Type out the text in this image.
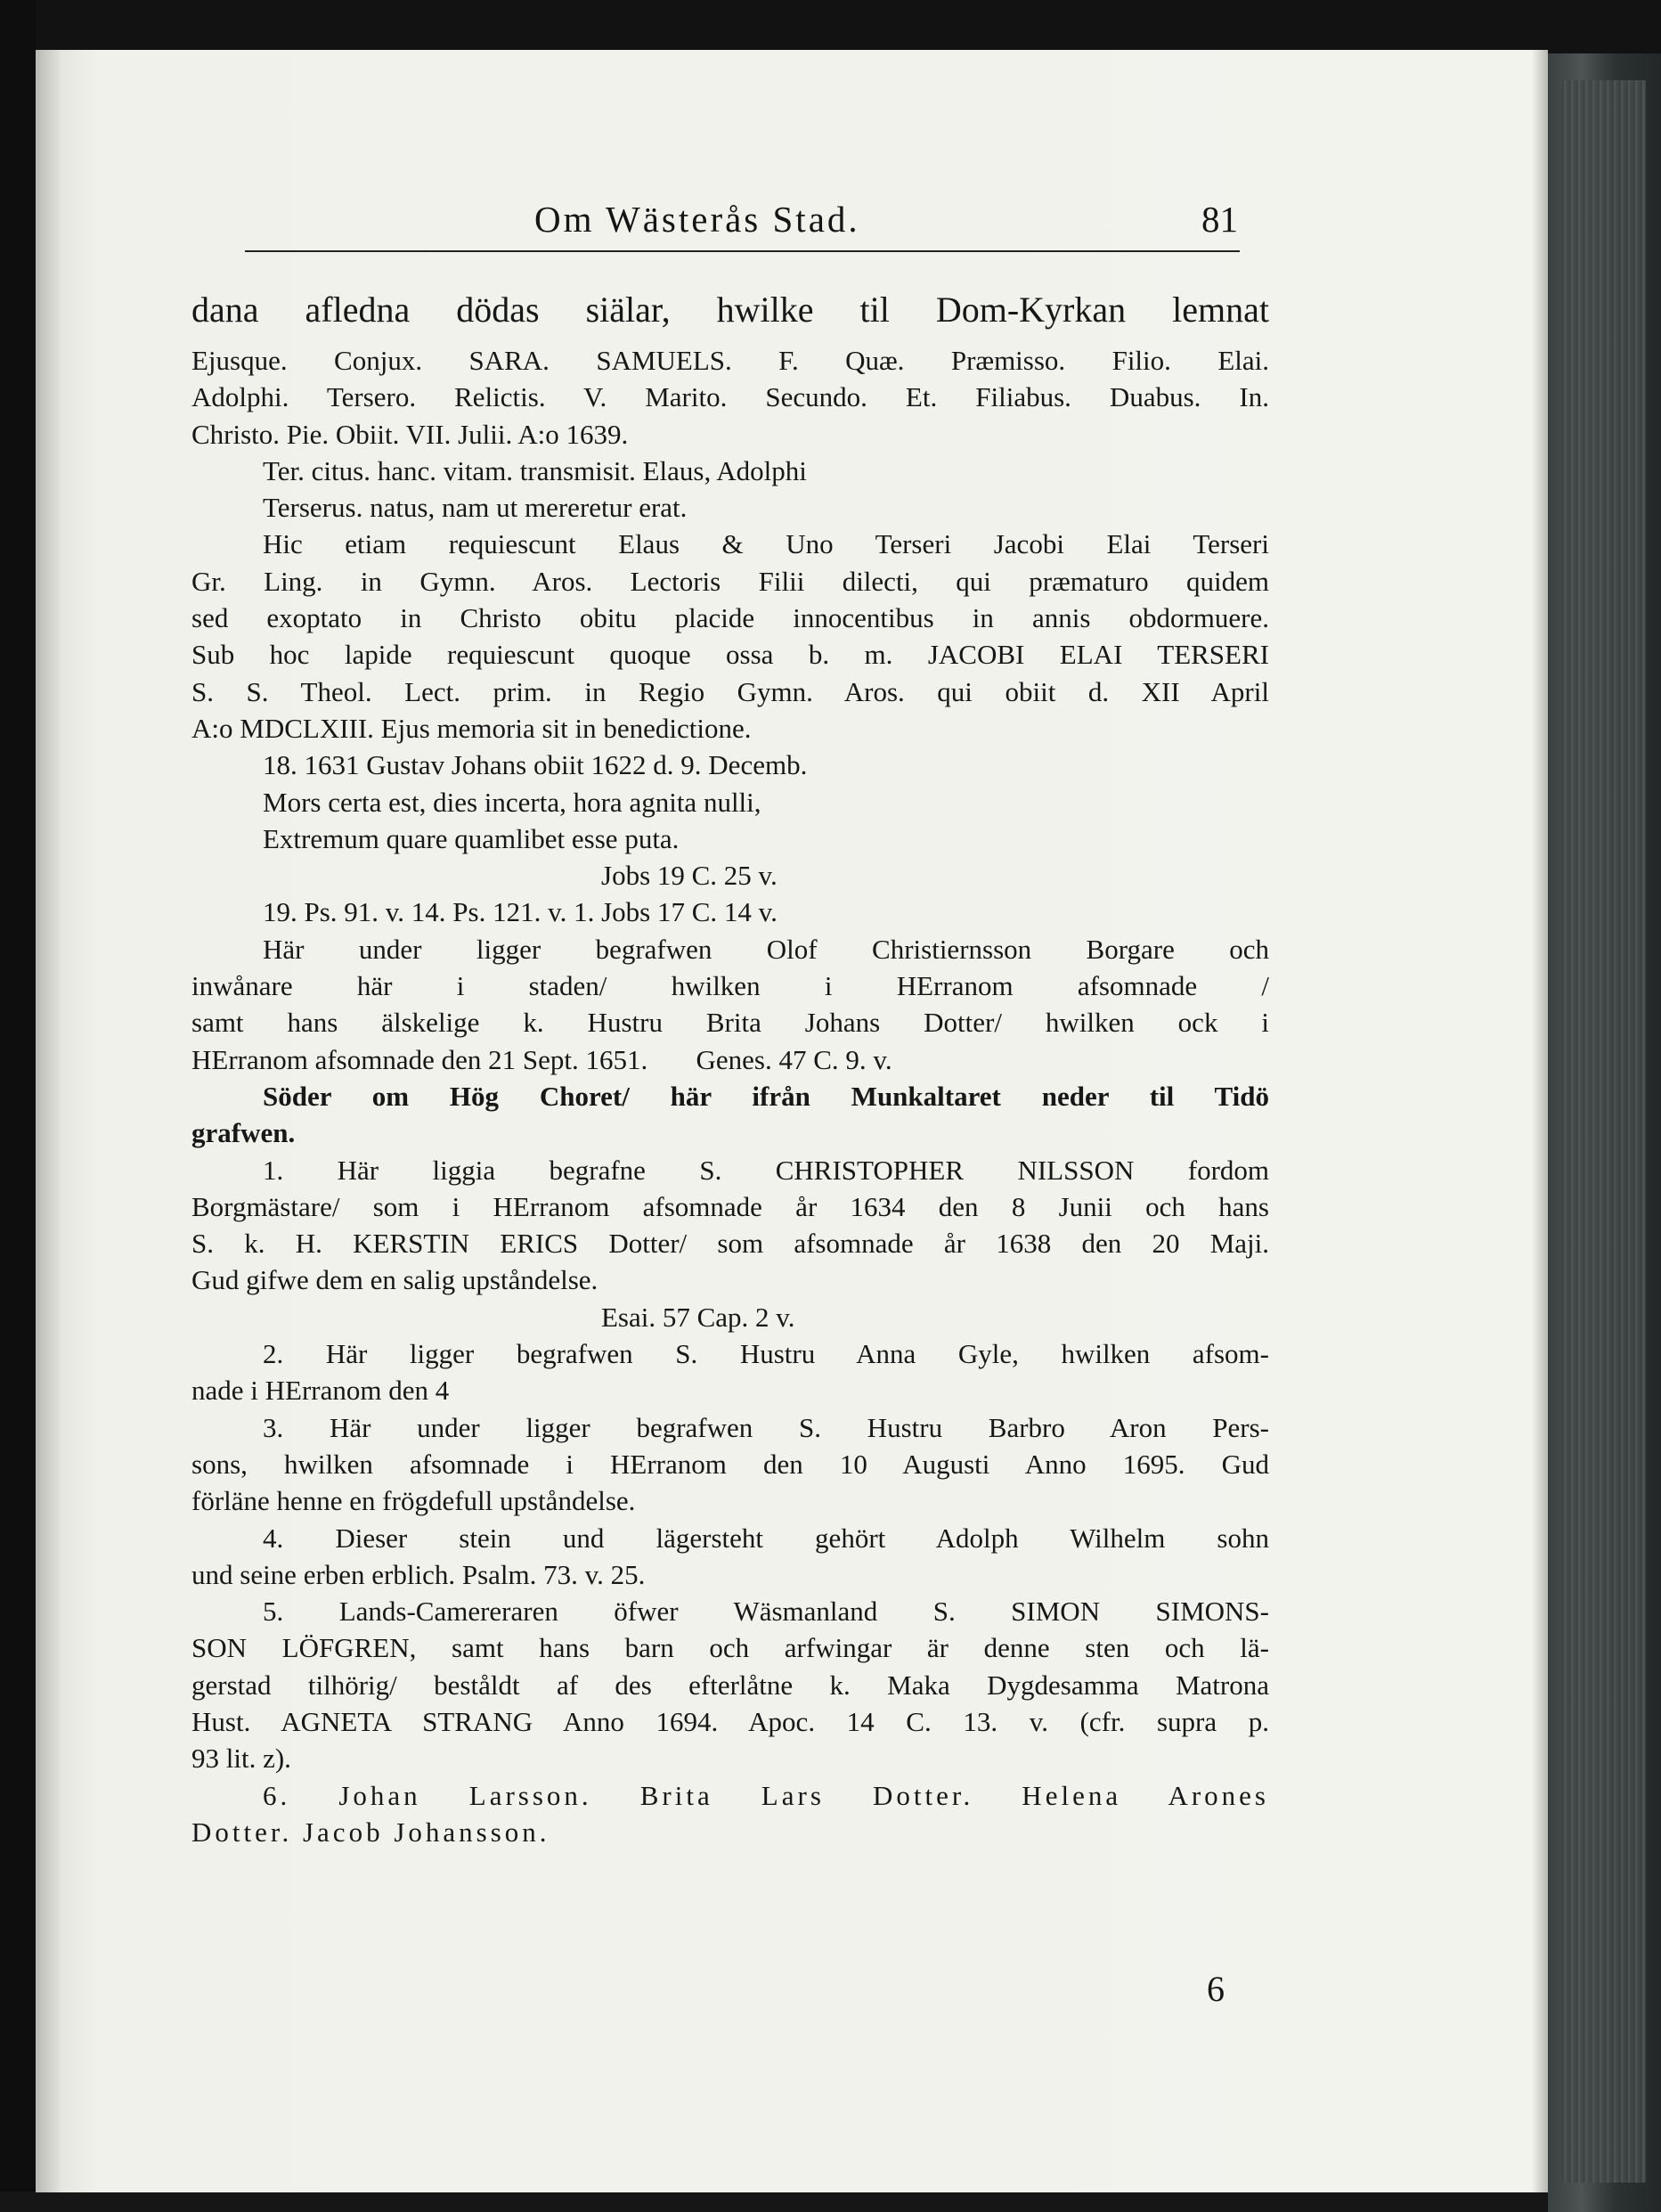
Om Wästerås Stad.	81
dana afledna dödas siälar, hwilke til Dom-Kyrkan lemnat
Ejusque. Conjux. SARA. SAMUELS. F. Quæ. Præmisso. Filio. Elai.
Adolphi. Tersero. Relictis. V. Marito. Secundo. Et. Filiabus. Duabus. In.
Christo. Pie. Obiit. VII. Julii. A:o 1639.
Ter. citus. hanc. vitam. transmisit. Elaus, Adolphi
Terserus. natus, nam ut mereretur erat.
Hic etiam requiescunt Elaus & Uno Terseri Jacobi Elai Terseri
Gr. Ling. in Gymn. Aros. Lectoris Filii dilecti, qui præmaturo quidem
sed exoptato in Christo obitu placide innocentibus in annis obdormuere.
Sub hoc lapide requiescunt quoque ossa b. m. JACOBI ELAI TERSERI
S. S. Theol. Lect. prim. in Regio Gymn. Aros. qui obiit d. XII April
A:o MDCLXIII. Ejus memoria sit in benedictione.
18. 1631 Gustav Johans obiit 1622 d. 9. Decemb.
Mors certa est, dies incerta, hora agnita nulli,
Extremum quare quamlibet esse puta.
Jobs 19 C. 25 v.
19. Ps. 91. v. 14. Ps. 121. v. 1. Jobs 17 C. 14 v.
Här under ligger begrafwen Olof Christiernsson Borgare och
inwånare här i staden/ hwilken i HErranom afsomnade /
samt hans älskelige k. Hustru Brita Johans Dotter/ hwilken ock i
HErranom afsomnade den 21 Sept. 1651.       Genes. 47 C. 9. v.
Söder om Hög Choret/ här ifrån Munkaltaret neder til Tidö
grafwen.
1. Här liggia begrafne S. CHRISTOPHER NILSSON fordom
Borgmästare/ som i HErranom afsomnade år 1634 den 8 Junii och hans
S. k. H. KERSTIN ERICS Dotter/ som afsomnade år 1638 den 20 Maji.
Gud gifwe dem en salig upståndelse.
Esai. 57 Cap. 2 v.
2. Här ligger begrafwen S. Hustru Anna Gyle, hwilken afsom-
nade i HErranom den 4
3. Här under ligger begrafwen S. Hustru Barbro Aron Pers-
sons, hwilken afsomnade i HErranom den 10 Augusti Anno 1695. Gud
förläne henne en frögdefull upståndelse.
4. Dieser stein und lägersteht gehört Adolph Wilhelm sohn
und seine erben erblich. Psalm. 73. v. 25.
5. Lands-Camereraren öfwer Wäsmanland S. SIMON SIMONS-
SON LÖFGREN, samt hans barn och arfwingar är denne sten och lä-
gerstad tilhörig/ beståldt af des efterlåtne k. Maka Dygdesamma Matrona
Hust. AGNETA STRANG Anno 1694. Apoc. 14 C. 13. v. (cfr. supra p.
93 lit. z).
6. Johan Larsson. Brita Lars Dotter. Helena Arones
Dotter. Jacob Johansson.
6
